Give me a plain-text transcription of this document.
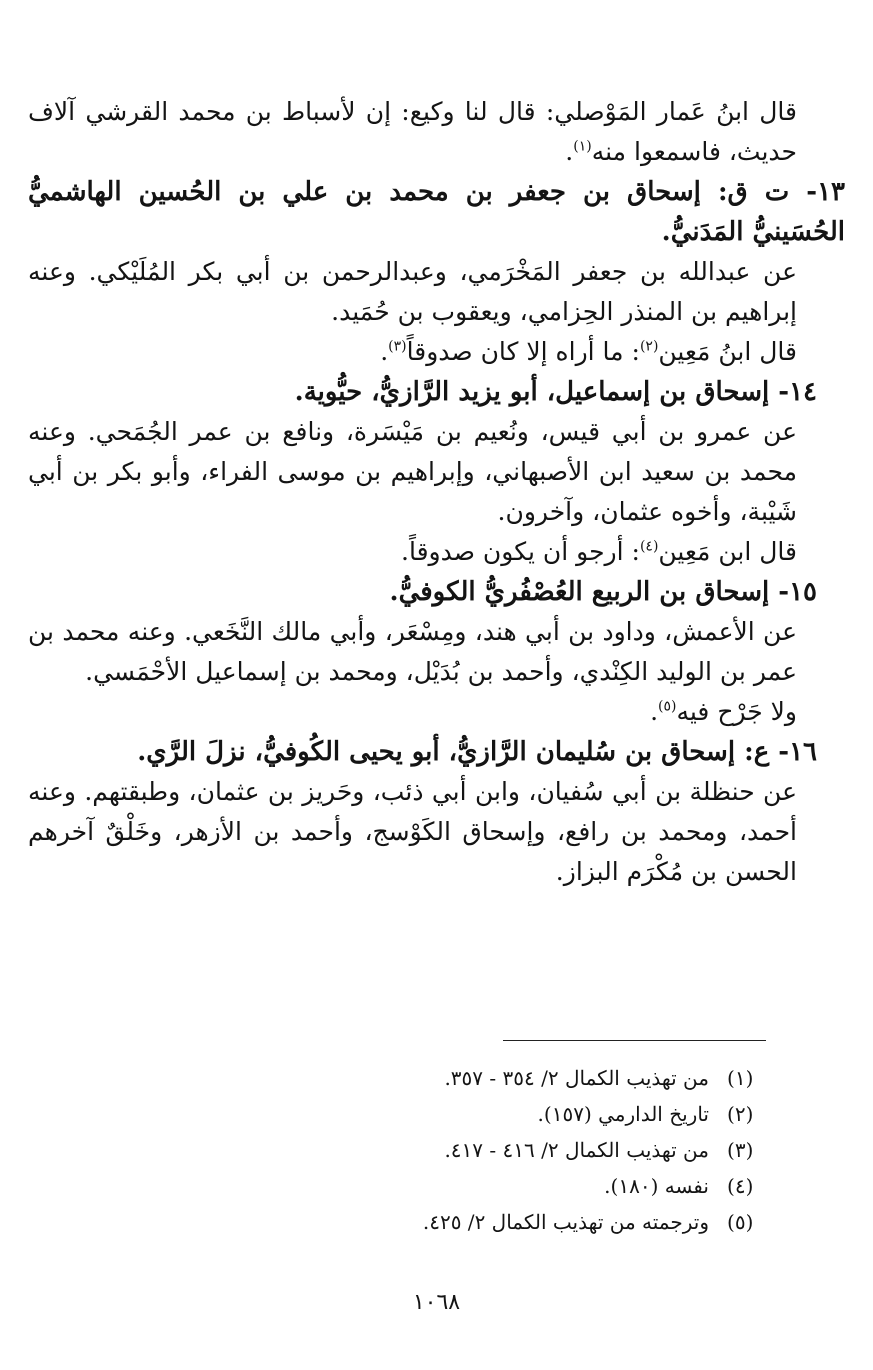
قال ابنُ عَمار المَوْصلي: قال لنا وكيع: إن لأسباط بن محمد القرشي آلاف حديث، فاسمعوا منه$^{(١)}$.

١٣- ت ق: إسحاق بن جعفر بن محمد بن علي بن الحُسين الهاشميُّ الحُسَينيُّ المَدَنيُّ.

عن عبدالله بن جعفر المَخْرَمي، وعبدالرحمن بن أبي بكر المُلَيْكي. وعنه إبراهيم بن المنذر الحِزامي، ويعقوب بن حُمَيد.

قال ابنُ مَعِين$^{(٢)}$: ما أراه إلا كان صدوقاً$^{(٣)}$.

١٤- إسحاق بن إسماعيل، أبو يزيد الرَّازيُّ، حيُّوية.

عن عمرو بن أبي قيس، ونُعيم بن مَيْسَرة، ونافع بن عمر الجُمَحي. وعنه محمد بن سعيد ابن الأصبهاني، وإبراهيم بن موسى الفراء، وأبو بكر بن أبي شَيْبة، وأخوه عثمان، وآخرون.

قال ابن مَعِين$^{(٤)}$: أرجو أن يكون صدوقاً.

١٥- إسحاق بن الربيع العُصْفُريُّ الكوفيُّ.

عن الأعمش، وداود بن أبي هند، ومِسْعَر، وأبي مالك النَّخَعي. وعنه محمد بن عمر بن الوليد الكِنْدي، وأحمد بن بُدَيْل، ومحمد بن إسماعيل الأحْمَسي.

ولا جَرْح فيه$^{(٥)}$.

١٦- ع: إسحاق بن سُليمان الرَّازيُّ، أبو يحيى الكُوفيُّ، نزلَ الرَّي.

عن حنظلة بن أبي سُفيان، وابن أبي ذئب، وحَريز بن عثمان، وطبقتهم. وعنه أحمد، ومحمد بن رافع، وإسحاق الكَوْسج، وأحمد بن الأزهر، وخَلْقٌ آخرهم الحسن بن مُكْرَم البزاز.

(١)
من تهذيب الكمال ٢/ ٣٥٤ - ٣٥٧.
(٢)
تاريخ الدارمي (١٥٧).
(٣)
من تهذيب الكمال ٢/ ٤١٦ - ٤١٧.
(٤)
نفسه (١٨٠).
(٥)
وترجمته من تهذيب الكمال ٢/ ٤٢٥.
١٠٦٨
